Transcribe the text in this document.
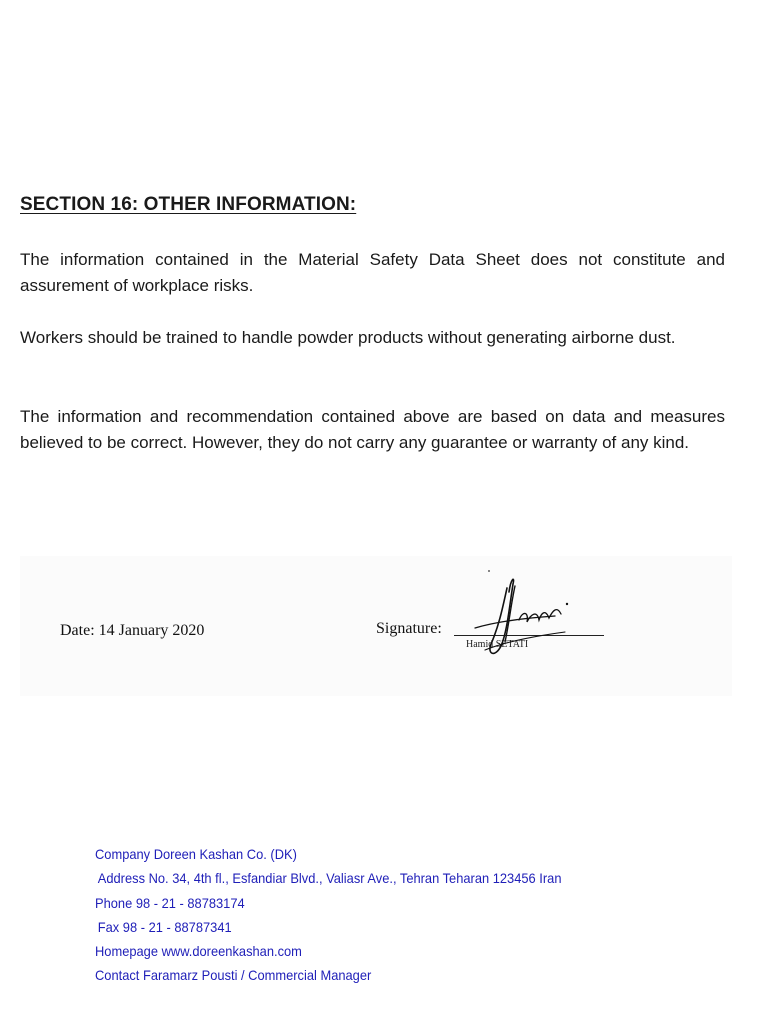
SECTION 16: OTHER INFORMATION:

The information contained in the Material Safety Data Sheet does not constitute and assurement of workplace risks.

Workers should be trained to handle powder products without generating airborne dust.

The information and recommendation contained above are based on data and measures believed to be correct. However, they do not carry any guarantee or warranty of any kind.

Date: 14 January 2020	Signature:
Hamid SETATI
Company Doreen Kashan Co. (DK)
Address No. 34, 4th fl., Esfandiar Blvd., Valiasr Ave., Tehran Teharan 123456 Iran
Phone 98 - 21 - 88783174
Fax 98 - 21 - 88787341
Homepage www.doreenkashan.com
Contact Faramarz Pousti / Commercial Manager
